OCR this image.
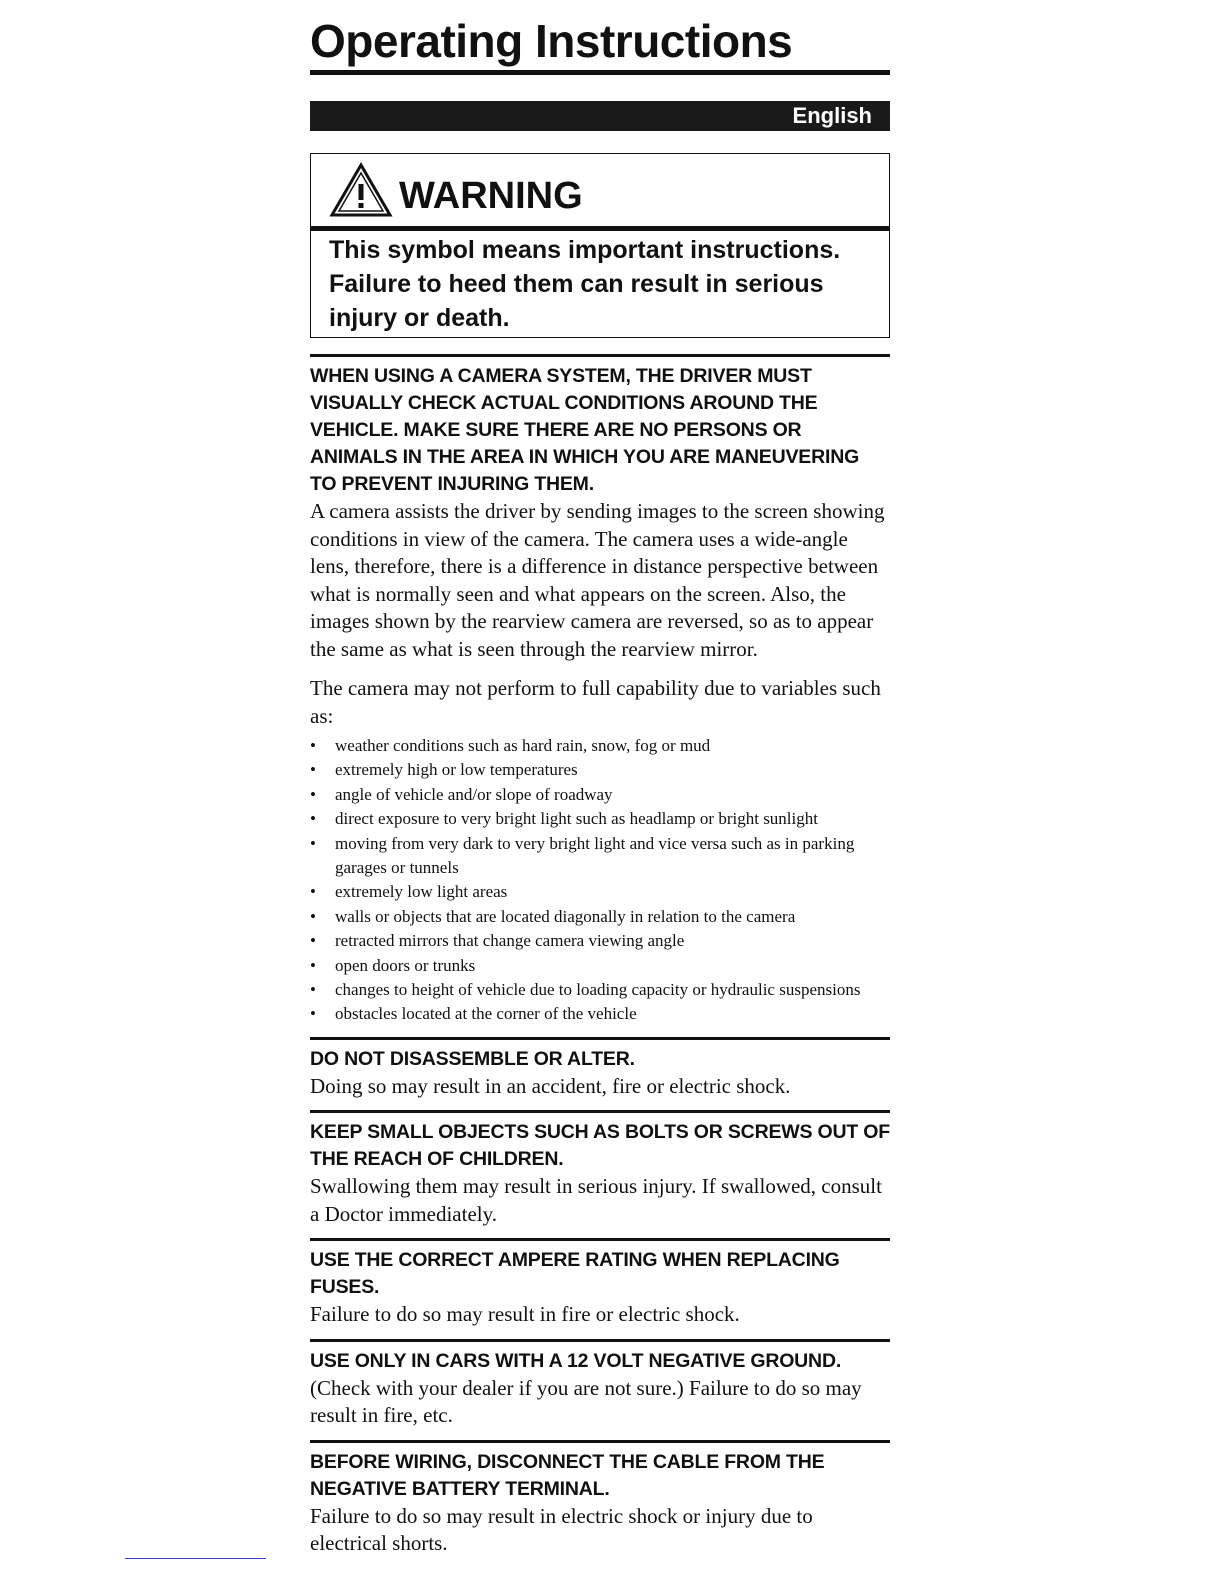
Operating Instructions
English
WARNING
This symbol means important instructions. Failure to heed them can result in serious injury or death.
WHEN USING A CAMERA SYSTEM, THE DRIVER MUST VISUALLY CHECK ACTUAL CONDITIONS AROUND THE VEHICLE. MAKE SURE THERE ARE NO PERSONS OR ANIMALS IN THE AREA IN WHICH YOU ARE MANEUVERING TO PREVENT INJURING THEM.
A camera assists the driver by sending images to the screen showing conditions in view of the camera. The camera uses a wide-angle lens, therefore, there is a difference in distance perspective between what is normally seen and what appears on the screen. Also, the images shown by the rearview camera are reversed, so as to appear the same as what is seen through the rearview mirror.
The camera may not perform to full capability due to variables such as:
• weather conditions such as hard rain, snow, fog or mud
• extremely high or low temperatures
• angle of vehicle and/or slope of roadway
• direct exposure to very bright light such as headlamp or bright sunlight
• moving from very dark to very bright light and vice versa such as in parking garages or tunnels
• extremely low light areas
• walls or objects that are located diagonally in relation to the camera
• retracted mirrors that change camera viewing angle
• open doors or trunks
• changes to height of vehicle due to loading capacity or hydraulic suspensions
• obstacles located at the corner of the vehicle
DO NOT DISASSEMBLE OR ALTER.
Doing so may result in an accident, fire or electric shock.
KEEP SMALL OBJECTS SUCH AS BOLTS OR SCREWS OUT OF THE REACH OF CHILDREN.
Swallowing them may result in serious injury. If swallowed, consult a Doctor immediately.
USE THE CORRECT AMPERE RATING WHEN REPLACING FUSES.
Failure to do so may result in fire or electric shock.
USE ONLY IN CARS WITH A 12 VOLT NEGATIVE GROUND.
(Check with your dealer if you are not sure.) Failure to do so may result in fire, etc.
BEFORE WIRING, DISCONNECT THE CABLE FROM THE NEGATIVE BATTERY TERMINAL.
Failure to do so may result in electric shock or injury due to electrical shorts.
